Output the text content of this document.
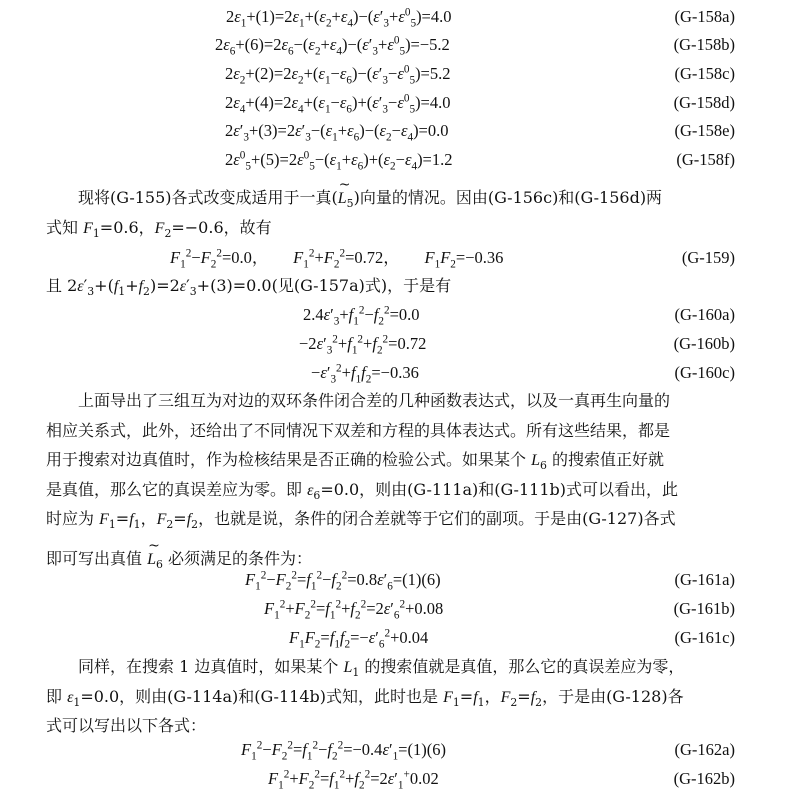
$2\varepsilon_1+(1)=2\varepsilon_1+(\varepsilon_2+\varepsilon_4)-(\varepsilon'_3+\varepsilon^0_5)=4.0$	(G-158a)
$2\varepsilon_6+(6)=2\varepsilon_6-(\varepsilon_2+\varepsilon_4)-(\varepsilon'_3+\varepsilon^0_5)=-5.2$	(G-158b)
$2\varepsilon_2+(2)=2\varepsilon_2+(\varepsilon_1-\varepsilon_6)-(\varepsilon'_3-\varepsilon^0_5)=5.2$	(G-158c)
$2\varepsilon_4+(4)=2\varepsilon_4+(\varepsilon_1-\varepsilon_6)+(\varepsilon'_3-\varepsilon^0_5)=4.0$	(G-158d)
$2\varepsilon'_3+(3)=2\varepsilon'_3-(\varepsilon_1+\varepsilon_6)-(\varepsilon_2-\varepsilon_4)=0.0$	(G-158e)
$2\varepsilon^0_5+(5)=2\varepsilon^0_5-(\varepsilon_1+\varepsilon_6)+(\varepsilon_2-\varepsilon_4)=1.2$	(G-158f)
现将(G-155)各式改变成适用于一真(~ $L_5$)向量的情况。因由(G-156c)和(G-156d)两
式知 $F_1=0.6$，$F_2=-0.6$，故有
$F_1^2-F_2^2=0.0$，      $F_1^2+F_2^2=0.72$，      $F_1F_2=-0.36$	(G-159)
且 $2\varepsilon'_3+(f_1+f_2)=2\varepsilon'_3+(3)=0.0$(见(G-157a)式)，于是有
$2.4\varepsilon'_3+f_1^2-f_2^2=0.0$	(G-160a)
$-2\varepsilon'_3^2+f_1^2+f_2^2=0.72$	(G-160b)
$-\varepsilon'_3^2+f_1f_2=-0.36$	(G-160c)
上面导出了三组互为对边的双环条件闭合差的几种函数表达式，以及一真再生向量的
相应关系式，此外，还给出了不同情况下双差和方程的具体表达式。所有这些结果，都是
用于搜索对边真值时，作为检核结果是否正确的检验公式。如果某个 $L_6$ 的搜索值正好就
是真值，那么它的真误差应为零。即 $\varepsilon_6=0.0$，则由(G-111a)和(G-111b)式可以看出，此
时应为 $F_1=f_1$，$F_2=f_2$，也就是说，条件的闭合差就等于它们的副项。于是由(G-127)各式
即可写出真值 ~ $L_6$ 必须满足的条件为：
$F_1^2-F_2^2=f_1^2-f_2^2=0.8\varepsilon'_6=(1)(6)$	(G-161a)
$F_1^2+F_2^2=f_1^2+f_2^2=2\varepsilon'_6^2+0.08$	(G-161b)
$F_1F_2=f_1f_2=-\varepsilon'_6^2+0.04$	(G-161c)
同样，在搜索 1 边真值时，如果某个 $L_1$ 的搜索值就是真值，那么它的真误差应为零，
即 $\varepsilon_1=0.0$，则由(G-114a)和(G-114b)式知，此时也是 $F_1=f_1$，$F_2=f_2$，于是由(G-128)各
式可以写出以下各式：
$F_1^2-F_2^2=f_1^2-f_2^2=-0.4\varepsilon'_1=(1)(6)$	(G-162a)
$F_1^2+F_2^2=f_1^2+f_2^2=2\varepsilon'_1^+0.02$	(G-162b)
